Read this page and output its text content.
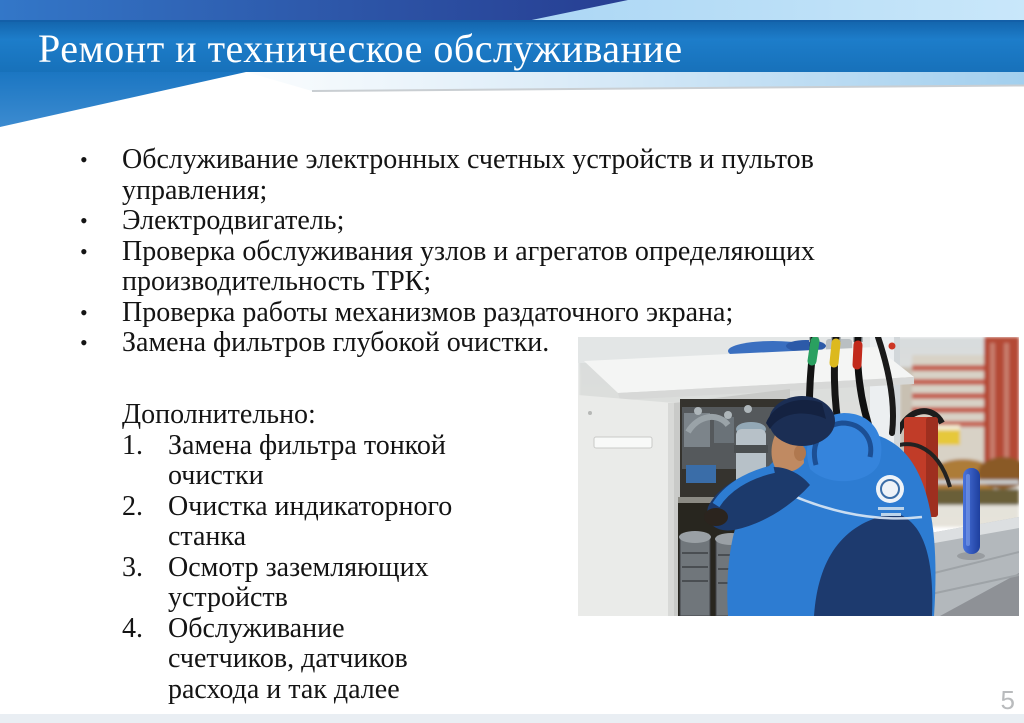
Ремонт и техническое обслуживание
•	Обслуживание электронных счетных устройств и пультов управления;
•	Электродвигатель;
•	Проверка обслуживания узлов и агрегатов определяющих производительность ТРК;
•	Проверка работы механизмов раздаточного экрана;
•	Замена фильтров глубокой очистки.
Дополнительно:
1. Замена фильтра тонкой очистки
2. Очистка индикаторного станка
3. Осмотр заземляющих устройств
4. Обслуживание счетчиков, датчиков расхода и так далее	5
